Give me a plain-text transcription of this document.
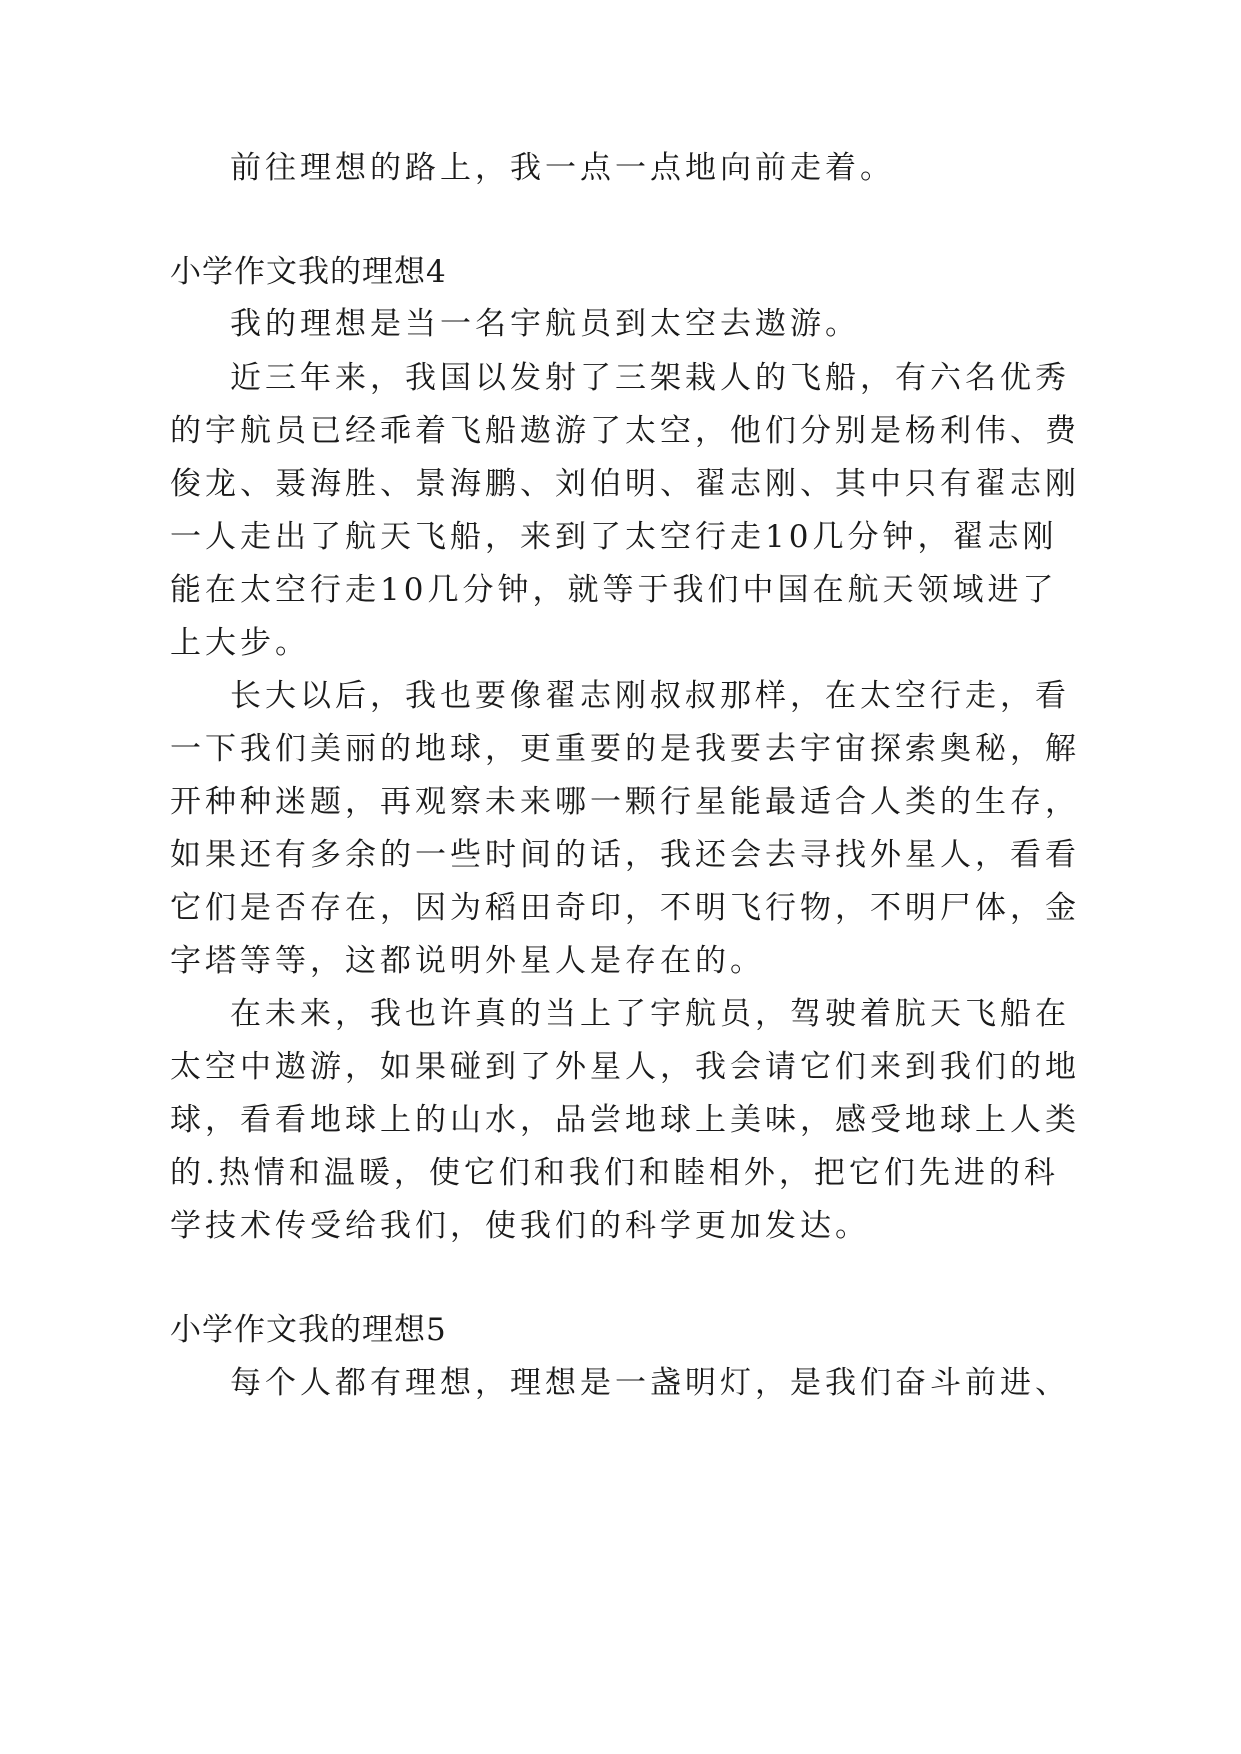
前往理想的路上，我一点一点地向前走着。
小学作文我的理想4
我的理想是当一名宇航员到太空去遨游。
近三年来，我国以发射了三架栽人的飞船，有六名优秀
的宇航员已经乖着飞船遨游了太空，他们分别是杨利伟、费
俊龙、聂海胜、景海鹏、刘伯明、翟志刚、其中只有翟志刚
一人走出了航天飞船，来到了太空行走10几分钟，翟志刚
能在太空行走10几分钟，就等于我们中国在航天领域进了
上大步。
长大以后，我也要像翟志刚叔叔那样，在太空行走，看
一下我们美丽的地球，更重要的是我要去宇宙探索奥秘，解
开种种迷题，再观察未来哪一颗行星能最适合人类的生存，
如果还有多余的一些时间的话，我还会去寻找外星人，看看
它们是否存在，因为稻田奇印，不明飞行物，不明尸体，金
字塔等等，这都说明外星人是存在的。
在未来，我也许真的当上了宇航员，驾驶着肮天飞船在
太空中遨游，如果碰到了外星人，我会请它们来到我们的地
球，看看地球上的山水，品尝地球上美味，感受地球上人类
的.热情和温暖，使它们和我们和睦相外，把它们先进的科
学技术传受给我们，使我们的科学更加发达。
小学作文我的理想5
每个人都有理想，理想是一盏明灯，是我们奋斗前进、
